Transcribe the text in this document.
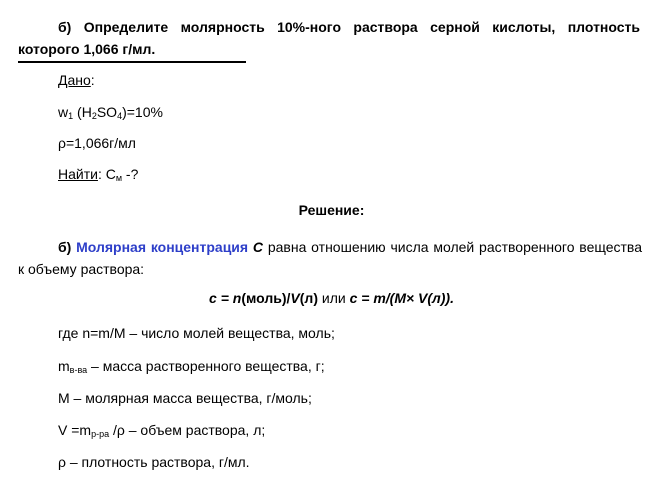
б) Определите молярность 10%-ного раствора серной кислоты, плотность которого 1,066 г/мл.
Дано:
$w_1$ $(H_2SO_4)=10\%$
ρ=1,066г/мл
Найти: $C_м$ -?
Решение:
б) Молярная концентрация C равна отношению числа молей растворенного вещества к объему раствора:
c = n(моль)/V(л) или c = m/(M× V(л)).
где n=m/M – число молей вещества, моль;
$m_{в-ва}$ – масса растворенного вещества, г;
M – молярная масса вещества, г/моль;
$V =m_{р-ра}$ /ρ – объем раствора, л;
ρ – плотность раствора, г/мл.
